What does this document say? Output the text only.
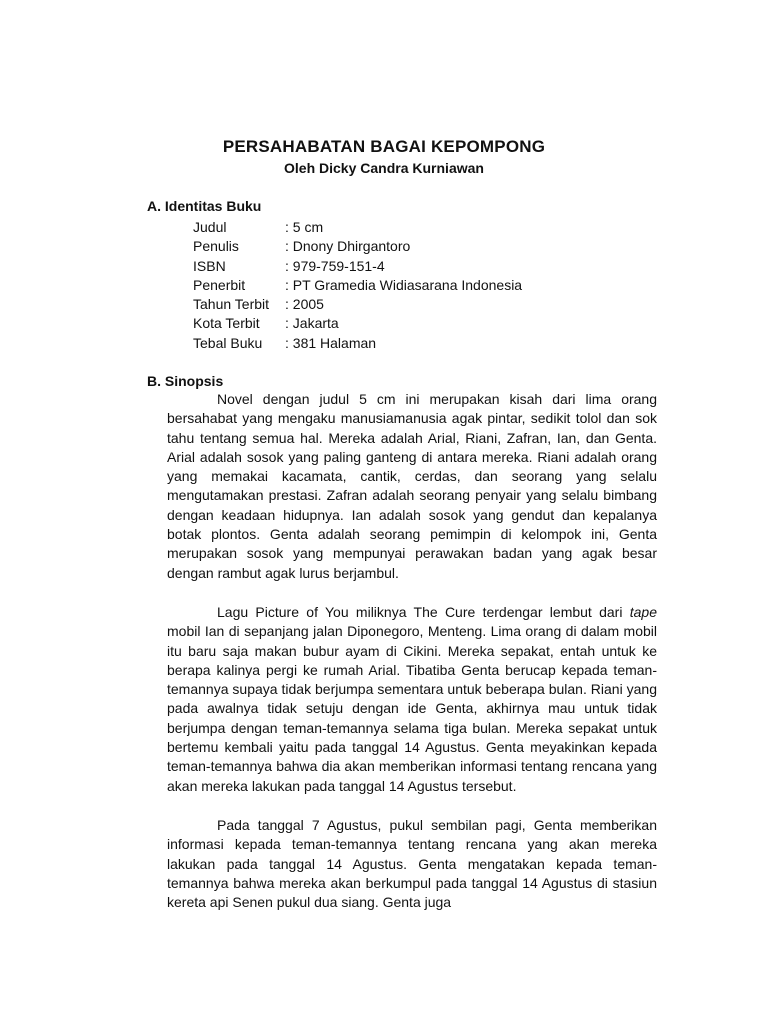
PERSAHABATAN BAGAI KEPOMPONG
Oleh Dicky Candra Kurniawan
A. Identitas Buku
Judul	: 5 cm
Penulis	: Dnony Dhirgantoro
ISBN	: 979-759-151-4
Penerbit	: PT Gramedia Widiasarana Indonesia
Tahun Terbit	: 2005
Kota Terbit	: Jakarta
Tebal Buku	: 381 Halaman
B. Sinopsis

Novel dengan judul 5 cm ini merupakan kisah dari lima orang bersahabat yang mengaku manusiamanusia agak pintar, sedikit tolol dan sok tahu tentang semua hal. Mereka adalah Arial, Riani, Zafran, Ian, dan Genta. Arial adalah sosok yang paling ganteng di antara mereka. Riani adalah orang yang memakai kacamata, cantik, cerdas, dan seorang yang selalu mengutamakan prestasi. Zafran adalah seorang penyair yang selalu bimbang dengan keadaan hidupnya. Ian adalah sosok yang gendut dan kepalanya botak plontos. Genta adalah seorang pemimpin di kelompok ini, Genta merupakan sosok yang mempunyai perawakan badan yang agak besar dengan rambut agak lurus berjambul.

Lagu Picture of You miliknya The Cure terdengar lembut dari tape mobil Ian di sepanjang jalan Diponegoro, Menteng. Lima orang di dalam mobil itu baru saja makan bubur ayam di Cikini. Mereka sepakat, entah untuk ke berapa kalinya pergi ke rumah Arial. Tibatiba Genta berucap kepada teman-temannya supaya tidak berjumpa sementara untuk beberapa bulan. Riani yang pada awalnya tidak setuju dengan ide Genta, akhirnya mau untuk tidak berjumpa dengan teman-temannya selama tiga bulan. Mereka sepakat untuk bertemu kembali yaitu pada tanggal 14 Agustus. Genta meyakinkan kepada teman-temannya bahwa dia akan memberikan informasi tentang rencana yang akan mereka lakukan pada tanggal 14 Agustus tersebut.

Pada tanggal 7 Agustus, pukul sembilan pagi, Genta memberikan informasi kepada teman-temannya tentang rencana yang akan mereka lakukan pada tanggal 14 Agustus. Genta mengatakan kepada teman-temannya bahwa mereka akan berkumpul pada tanggal 14 Agustus di stasiun kereta api Senen pukul dua siang. Genta juga
